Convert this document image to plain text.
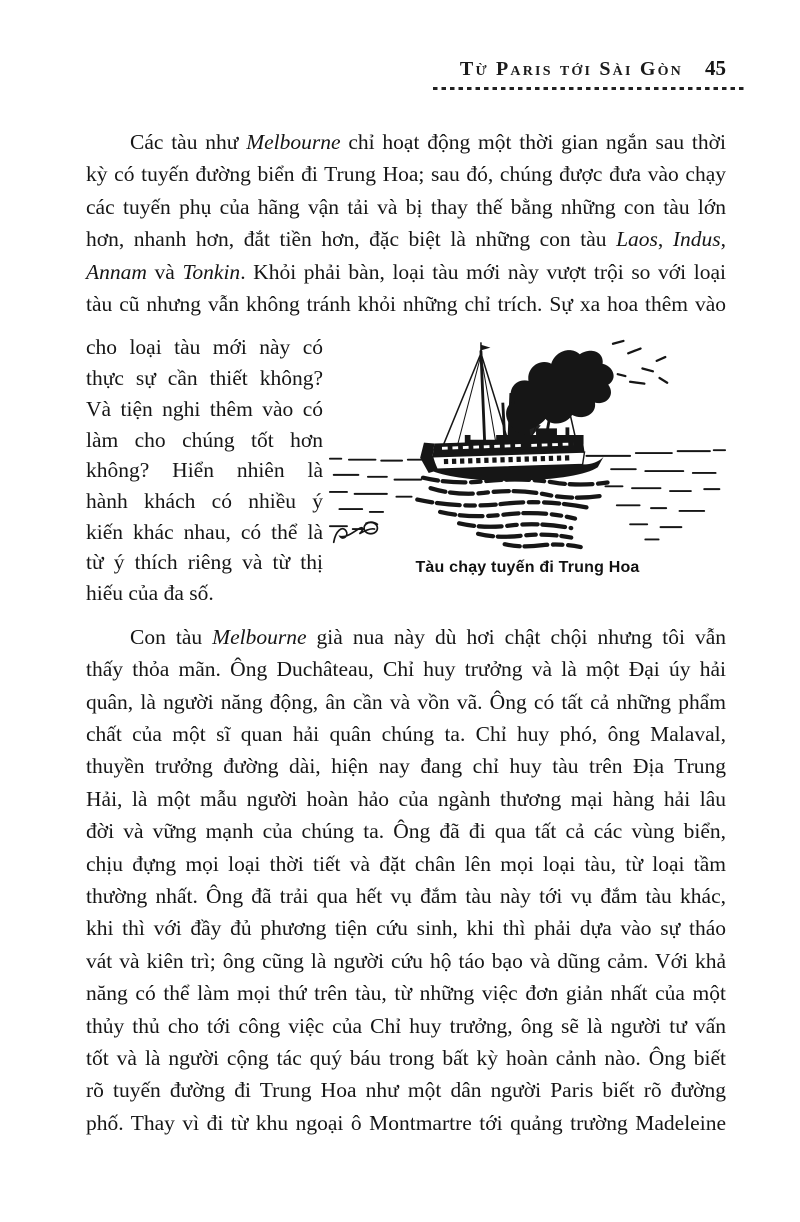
Từ Paris tới Sài Gòn 45
Các tàu như Melbourne chỉ hoạt động một thời gian ngắn sau thời
kỳ có tuyến đường biển đi Trung Hoa; sau đó, chúng được đưa vào chạy
các tuyến phụ của hãng vận tải và bị thay thế bằng những con tàu lớn
hơn, nhanh hơn, đắt tiền hơn, đặc biệt là những con tàu Laos, Indus,
Annam và Tonkin. Khỏi phải bàn, loại tàu mới này vượt trội so với loại
tàu cũ nhưng vẫn không tránh khỏi những chỉ trích. Sự xa hoa thêm vào
cho loại tàu mới này có
thực sự cần thiết không?
Và tiện nghi thêm vào có
làm cho chúng tốt hơn
không? Hiển nhiên là
hành khách có nhiều ý
kiến khác nhau, có thể là
từ ý thích riêng và từ thị
hiếu của đa số.
Tàu chạy tuyến đi Trung Hoa
Con tàu Melbourne già nua này dù hơi chật chội nhưng tôi vẫn
thấy thỏa mãn. Ông Duchâteau, Chỉ huy trưởng và là một Đại úy hải
quân, là người năng động, ân cần và vồn vã. Ông có tất cả những phẩm
chất của một sĩ quan hải quân chúng ta. Chỉ huy phó, ông Malaval,
thuyền trưởng đường dài, hiện nay đang chỉ huy tàu trên Địa Trung
Hải, là một mẫu người hoàn hảo của ngành thương mại hàng hải lâu
đời và vững mạnh của chúng ta. Ông đã đi qua tất cả các vùng biển,
chịu đựng mọi loại thời tiết và đặt chân lên mọi loại tàu, từ loại tầm
thường nhất. Ông đã trải qua hết vụ đắm tàu này tới vụ đắm tàu khác,
khi thì với đầy đủ phương tiện cứu sinh, khi thì phải dựa vào sự tháo
vát và kiên trì; ông cũng là người cứu hộ táo bạo và dũng cảm. Với khả
năng có thể làm mọi thứ trên tàu, từ những việc đơn giản nhất của một
thủy thủ cho tới công việc của Chỉ huy trưởng, ông sẽ là người tư vấn
tốt và là người cộng tác quý báu trong bất kỳ hoàn cảnh nào. Ông biết
rõ tuyến đường đi Trung Hoa như một dân người Paris biết rõ đường
phố. Thay vì đi từ khu ngoại ô Montmartre tới quảng trường Madeleine
